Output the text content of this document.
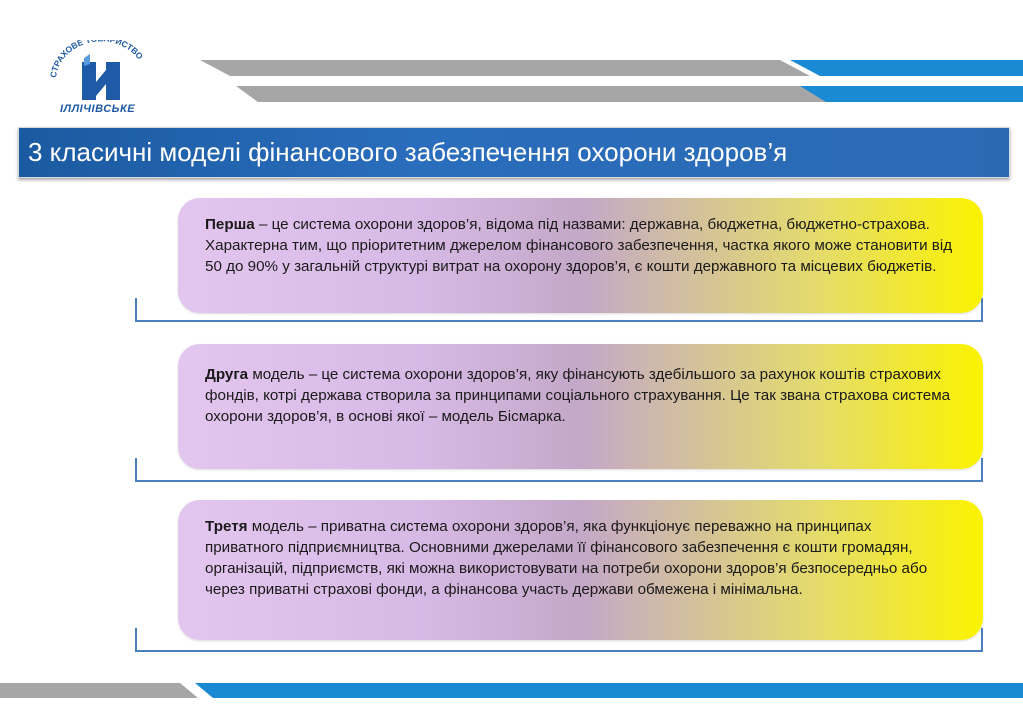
СТРАХОВЕ ИСТВО
ІЛЛІЧІВСЬКЕ
3 класичні моделі фінансового забезпечення охорони здоров’я
Перша – це система охорони здоров’я, відома під назвами: державна, бюджетна, бюджетно-страхова. Характерна тим, що пріоритетним джерелом фінансового забезпечення, частка якого може становити від 50 до 90% у загальній структурі витрат на охорону здоров’я, є кошти державного та місцевих бюджетів.
Друга модель – це система охорони здоров’я, яку фінансують здебільшого за рахунок коштів страхових фондів, котрі держава створила за принципами соціального страхування. Це так звана страхова система охорони здоров’я, в основі якої – модель Бісмарка.
Третя модель – приватна система охорони здоров’я, яка функціонує переважно на принципах приватного підприємництва. Основними джерелами її фінансового забезпечення є кошти громадян, організацій, підприємств, які можна використовувати на потреби охорони здоров’я безпосередньо або через приватні страхові фонди, а фінансова участь держави обмежена і мінімальна.
